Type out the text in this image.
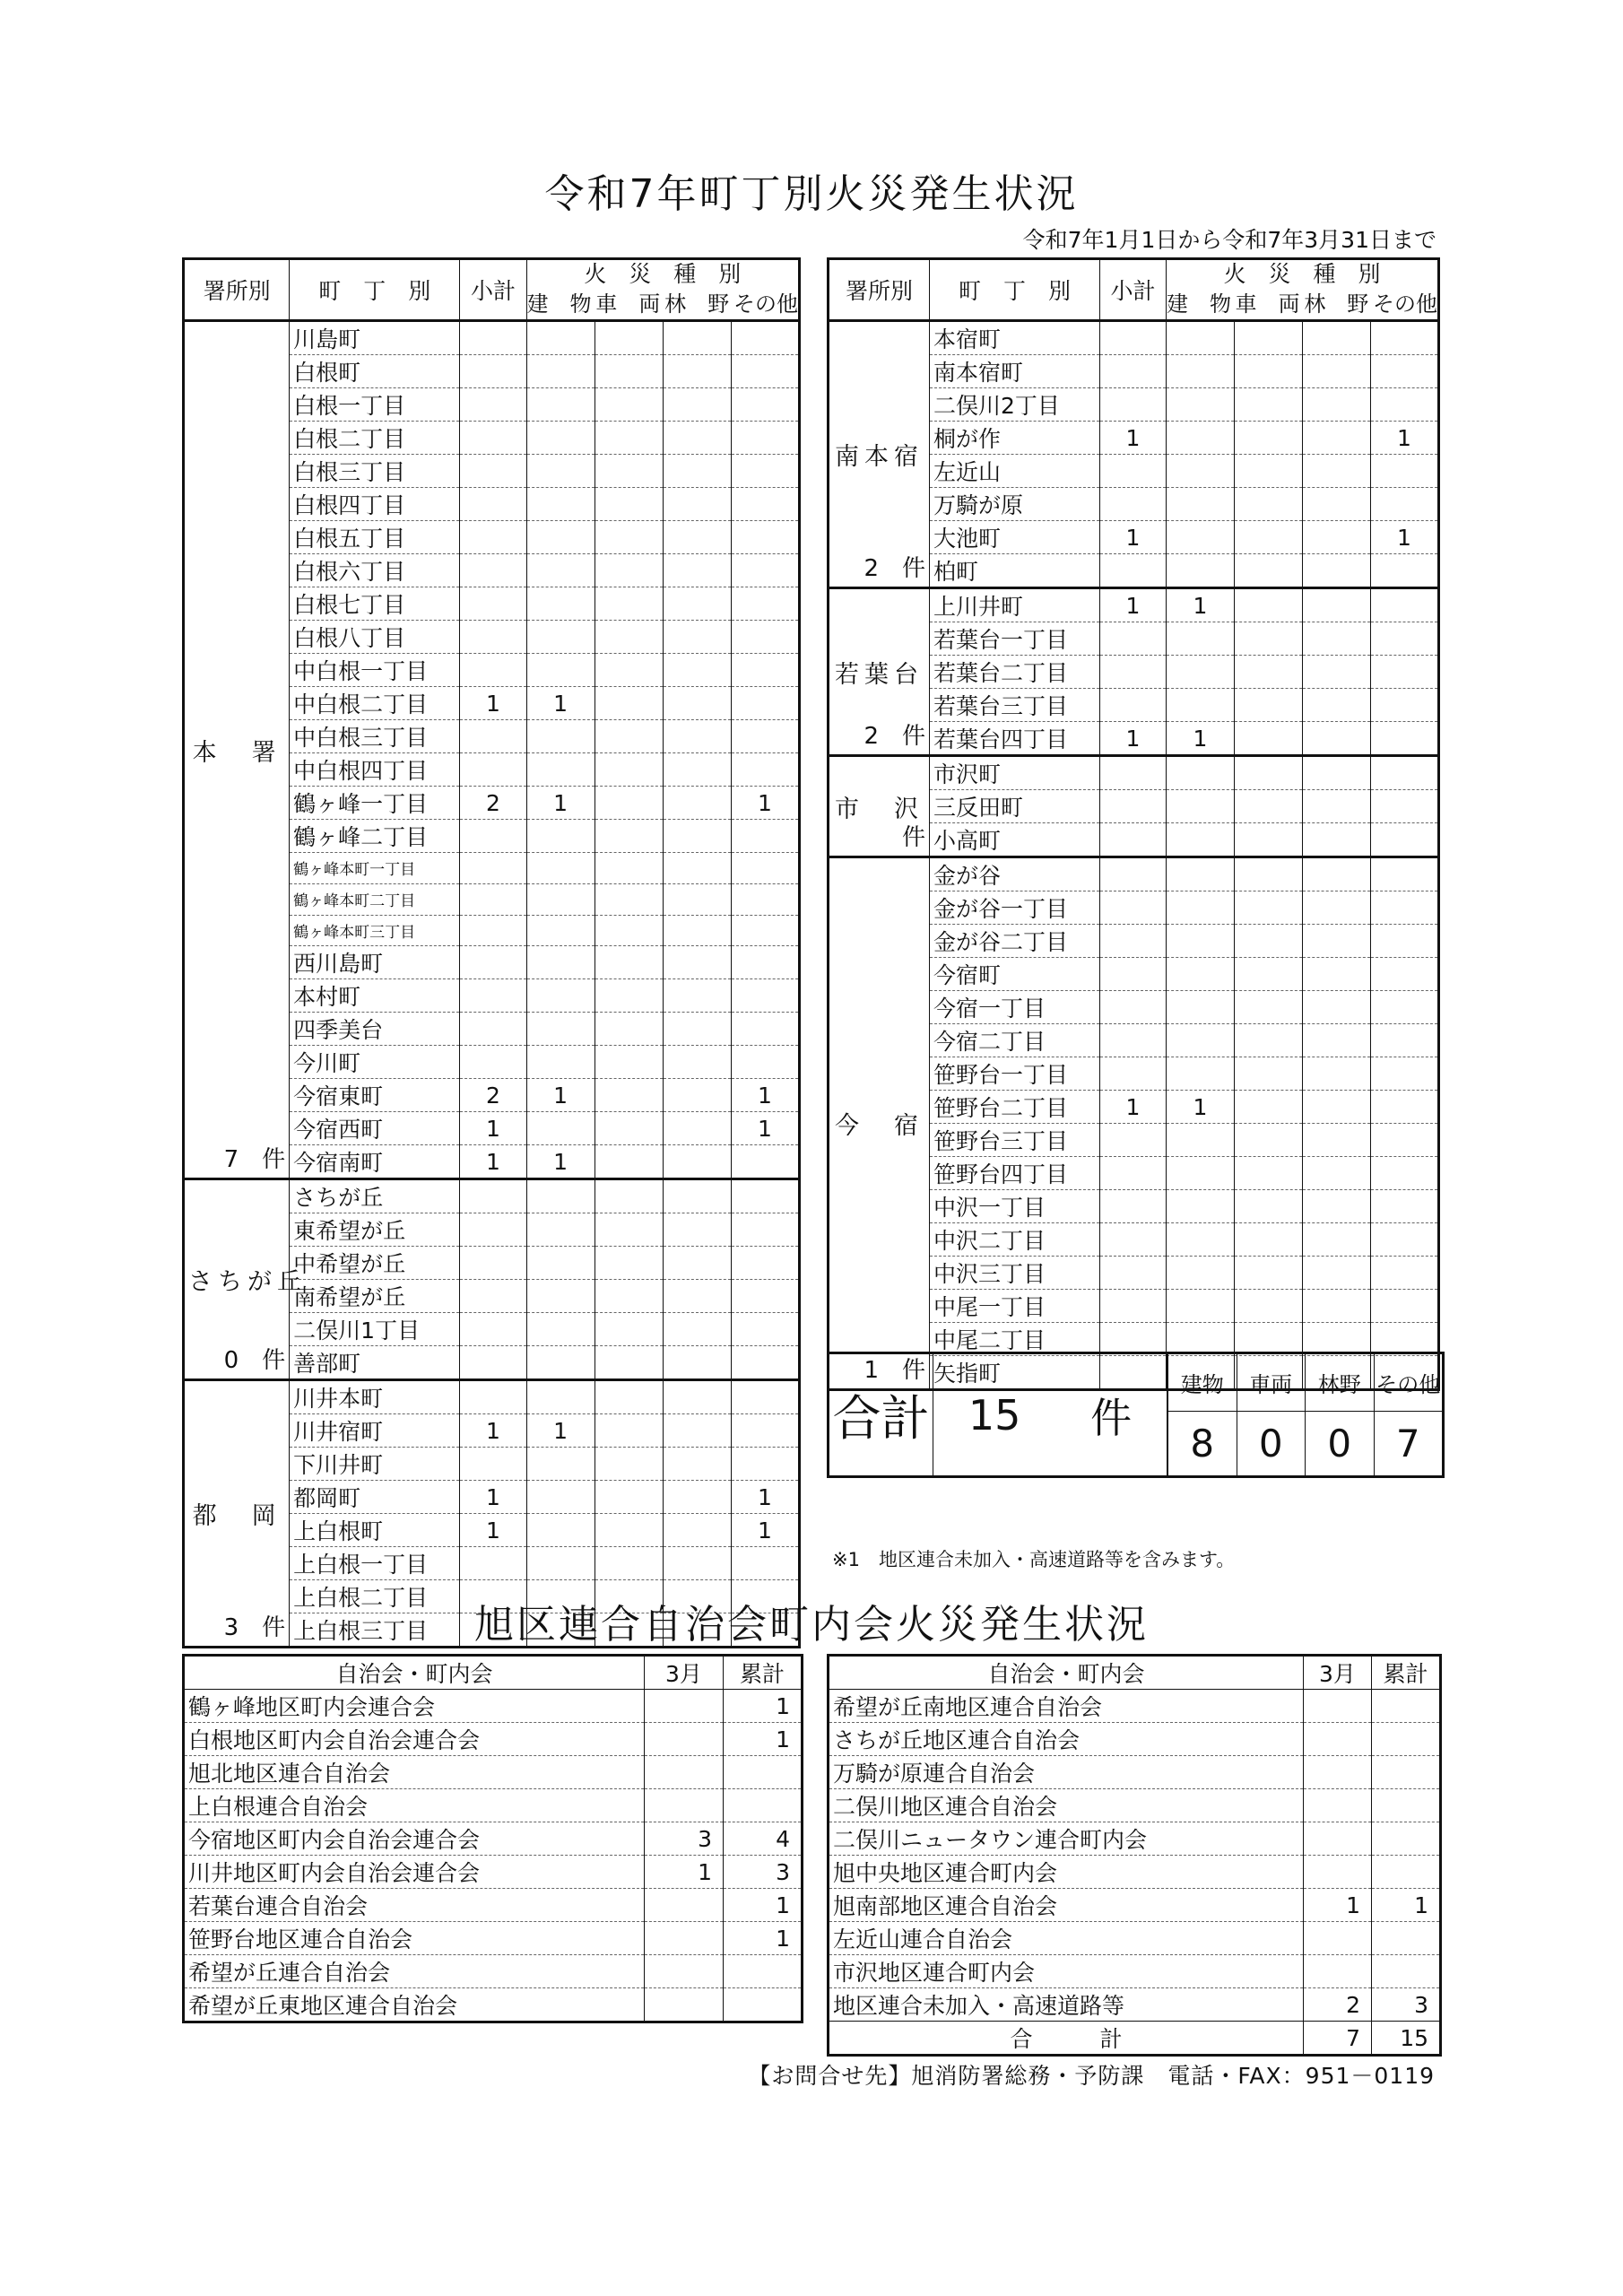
令和7年町丁別火災発生状況
令和7年1月1日から令和7年3月31日まで
署所別	町　丁　別	小計	火　災　種　別
建　物 車　両 林　野 その他			

本　署
7　件	川島町					
	白根町					
	白根一丁目					
	白根二丁目					
	白根三丁目					
	白根四丁目					
	白根五丁目					
	白根六丁目					
	白根七丁目					
	白根八丁目					
	中白根一丁目					
	中白根二丁目	1	1			
	中白根三丁目					
	中白根四丁目					
	鶴ヶ峰一丁目	2	1			1
	鶴ヶ峰二丁目					
	鶴ヶ峰本町一丁目					
	鶴ヶ峰本町二丁目					
	鶴ヶ峰本町三丁目					
	西川島町					
	本村町					
	四季美台					
	今川町					
	今宿東町	2	1			1
	今宿西町	1				1
	今宿南町	1	1			

さちが丘
0　件	さちが丘					
	東希望が丘					
	中希望が丘					
	南希望が丘					
	二俣川1丁目					
	善部町					

都　岡
3　件	川井本町					
	川井宿町	1	1			
	下川井町					
	都岡町	1				1
	上白根町	1				1
	上白根一丁目					
	上白根二丁目					
	上白根三丁目					
署所別	町　丁　別	小計	火　災　種　別
建　物 車　両 林　野 その他			

南本宿
2　件	本宿町					
	南本宿町					
	二俣川2丁目					
	桐が作	1				1
	左近山					
	万騎が原					
	大池町	1				1
	柏町					

若葉台
2　件	上川井町	1	1			
	若葉台一丁目					
	若葉台二丁目					
	若葉台三丁目					
	若葉台四丁目	1	1			

市　沢
件	市沢町					
	三反田町					
	小高町					

今　宿
1　件	金が谷					
	金が谷一丁目					
	金が谷二丁目					
	今宿町					
	今宿一丁目					
	今宿二丁目					
	笹野台一丁目					
	笹野台二丁目	1	1			
	笹野台三丁目					
	笹野台四丁目					
	中沢一丁目					
	中沢二丁目					
	中沢三丁目					
	中尾一丁目					
	中尾二丁目					
	矢指町					
合計 15 件
建物	車両	林野 その他
8	0	0	7
※1　地区連合未加入・高速道路等を含みます。
旭区連合自治会町内会火災発生状況
自治会・町内会	3月	累計
鶴ヶ峰地区町内会連合会		1
白根地区町内会自治会連合会		1
旭北地区連合自治会		
上白根連合自治会		
今宿地区町内会自治会連合会	3	4
川井地区町内会自治会連合会	1	3
若葉台連合自治会		1
笹野台地区連合自治会		1
希望が丘連合自治会		
希望が丘東地区連合自治会		
自治会・町内会	3月	累計
希望が丘南地区連合自治会		
さちが丘地区連合自治会		
万騎が原連合自治会		
二俣川地区連合自治会		
二俣川ニュータウン連合町内会		
旭中央地区連合町内会		
旭南部地区連合自治会	1	1
左近山連合自治会		
市沢地区連合町内会		
地区連合未加入・高速道路等	2	3
合　　　計	7	15
【お問合せ先】旭消防署総務・予防課　電話・FAX：951－0119
